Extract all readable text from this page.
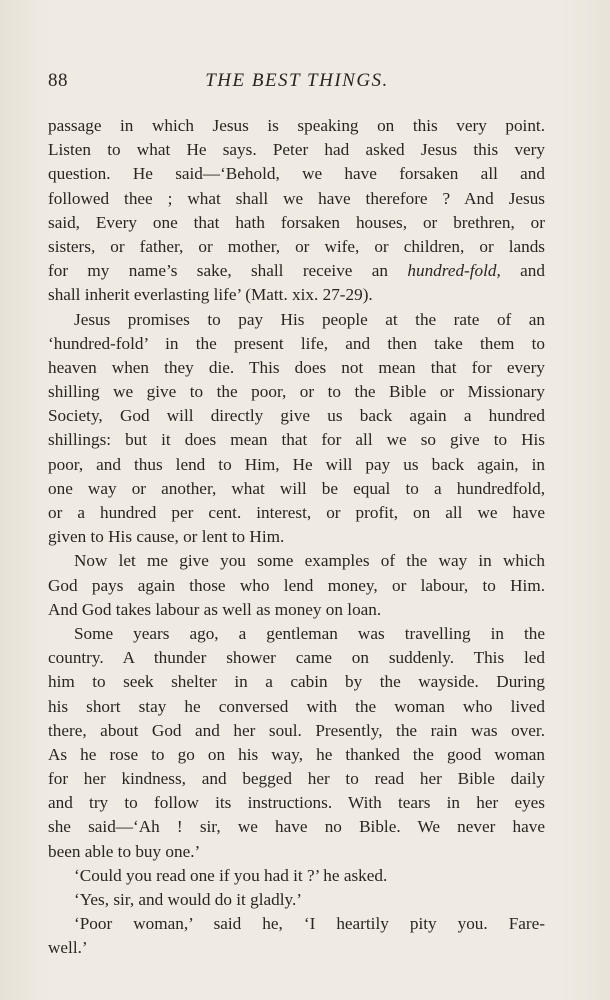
88	THE BEST THINGS.
passage in which Jesus is speaking on this very point.
Listen to what He says. Peter had asked Jesus this very
question. He said—‘Behold, we have forsaken all and
followed thee ; what shall we have therefore ? And Jesus
said, Every one that hath forsaken houses, or brethren, or
sisters, or father, or mother, or wife, or children, or lands
for my name’s sake, shall receive an hundred-fold, and
shall inherit everlasting life’ (Matt. xix. 27-29).
Jesus promises to pay His people at the rate of an
‘hundred-fold’ in the present life, and then take them to
heaven when they die. This does not mean that for every
shilling we give to the poor, or to the Bible or Missionary
Society, God will directly give us back again a hundred
shillings: but it does mean that for all we so give to His
poor, and thus lend to Him, He will pay us back again, in
one way or another, what will be equal to a hundredfold,
or a hundred per cent. interest, or profit, on all we have
given to His cause, or lent to Him.
Now let me give you some examples of the way in which
God pays again those who lend money, or labour, to Him.
And God takes labour as well as money on loan.
Some years ago, a gentleman was travelling in the
country. A thunder shower came on suddenly. This led
him to seek shelter in a cabin by the wayside. During
his short stay he conversed with the woman who lived
there, about God and her soul. Presently, the rain was over.
As he rose to go on his way, he thanked the good woman
for her kindness, and begged her to read her Bible daily
and try to follow its instructions. With tears in her eyes
she said—‘Ah ! sir, we have no Bible. We never have
been able to buy one.’
‘Could you read one if you had it ?’ he asked.
‘Yes, sir, and would do it gladly.’
‘Poor woman,’ said he, ‘I heartily pity you. Fare-
well.’
